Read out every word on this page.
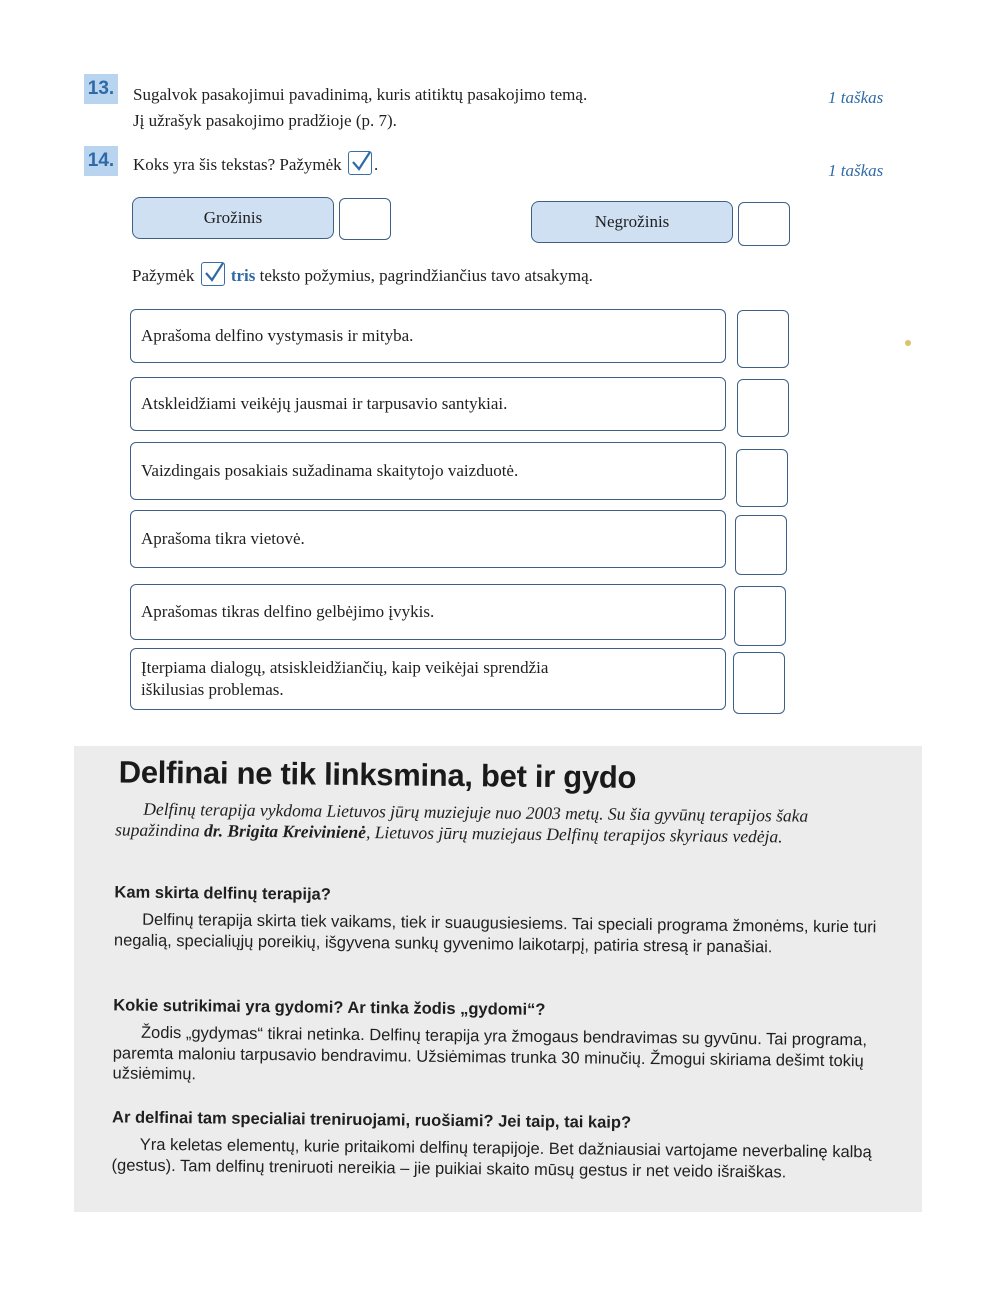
13. Sugalvok pasakojimui pavadinimą, kuris atitiktų pasakojimo temą.
Jį užrašyk pasakojimo pradžioje (p. 7).
1 taškas
14. Koks yra šis tekstas? Pažymėk .	1 taškas
Grožinis	Negrožinis
Pažymėk tris teksto požymius, pagrindžiančius tavo atsakymą.
Aprašoma delfino vystymasis ir mityba.
Atskleidžiami veikėjų jausmai ir tarpusavio santykiai.
Vaizdingais posakiais sužadinama skaitytojo vaizduotė.
Aprašoma tikra vietovė.
Aprašomas tikras delfino gelbėjimo įvykis.
Įterpiama dialogų, atsiskleidžiančių, kaip veikėjai sprendžia iškilusias problemas.
Delfinai ne tik linksmina, bet ir gydo
Delfinų terapija vykdoma Lietuvos jūrų muziejuje nuo 2003 metų. Su šia gyvūnų terapijos šaka supažindina dr. Brigita Kreivinienė, Lietuvos jūrų muziejaus Delfinų terapijos skyriaus vedėja.
Kam skirta delfinų terapija?
Delfinų terapija skirta tiek vaikams, tiek ir suaugusiesiems. Tai speciali programa žmonėms, kurie turi negalią, specialiųjų poreikių, išgyvena sunkų gyvenimo laikotarpį, patiria stresą ir panašiai.
Kokie sutrikimai yra gydomi? Ar tinka žodis „gydomi“?
Žodis „gydymas“ tikrai netinka. Delfinų terapija yra žmogaus bendravimas su gyvūnu. Tai programa, paremta maloniu tarpusavio bendravimu. Užsiėmimas trunka 30 minučių. Žmogui skiriama dešimt tokių užsiėmimų.
Ar delfinai tam specialiai treniruojami, ruošiami? Jei taip, tai kaip?
Yra keletas elementų, kurie pritaikomi delfinų terapijoje. Bet dažniausiai vartojame neverbalinę kalbą (gestus). Tam delfinų treniruoti nereikia – jie puikiai skaito mūsų gestus ir net veido išraiškas.
